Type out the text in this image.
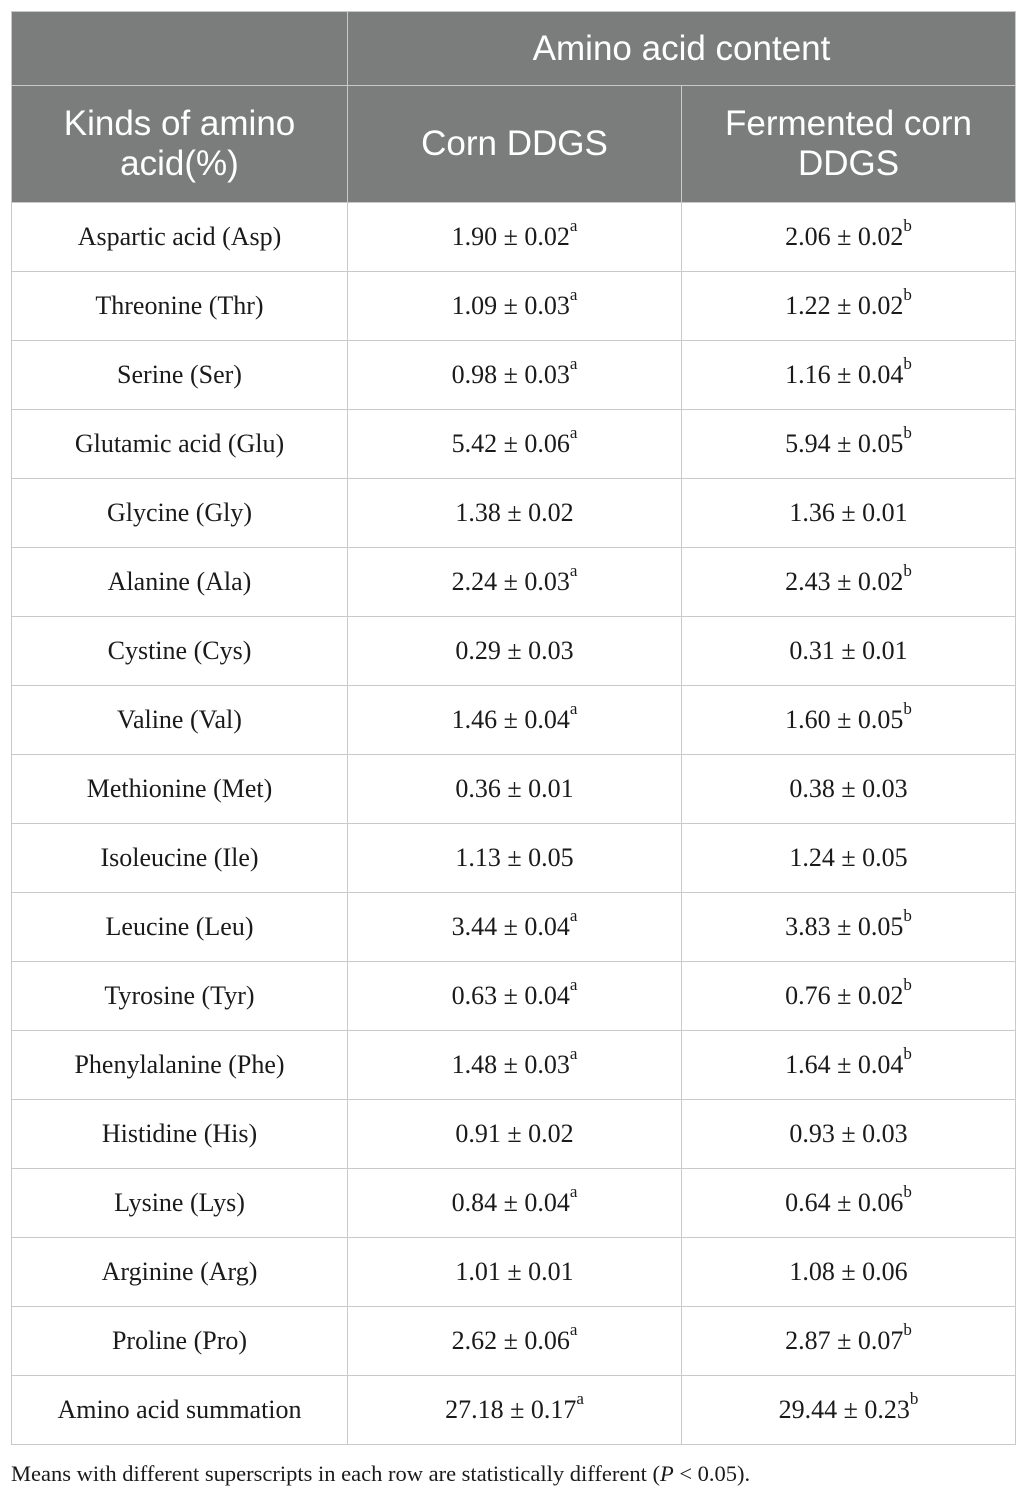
	Amino acid content	
Kinds of amino acid(%)	Corn DDGS	Fermented corn DDGS
Aspartic acid (Asp)	1.90 ± 0.02$^a$	2.06 ± 0.02$^b$
Threonine (Thr)	1.09 ± 0.03$^a$	1.22 ± 0.02$^b$
Serine (Ser)	0.98 ± 0.03$^a$	1.16 ± 0.04$^b$
Glutamic acid (Glu)	5.42 ± 0.06$^a$	5.94 ± 0.05$^b$
Glycine (Gly)	1.38 ± 0.02	1.36 ± 0.01
Alanine (Ala)	2.24 ± 0.03$^a$	2.43 ± 0.02$^b$
Cystine (Cys)	0.29 ± 0.03	0.31 ± 0.01
Valine (Val)	1.46 ± 0.04$^a$	1.60 ± 0.05$^b$
Methionine (Met)	0.36 ± 0.01	0.38 ± 0.03
Isoleucine (Ile)	1.13 ± 0.05	1.24 ± 0.05
Leucine (Leu)	3.44 ± 0.04$^a$	3.83 ± 0.05$^b$
Tyrosine (Tyr)	0.63 ± 0.04$^a$	0.76 ± 0.02$^b$
Phenylalanine (Phe)	1.48 ± 0.03$^a$	1.64 ± 0.04$^b$
Histidine (His)	0.91 ± 0.02	0.93 ± 0.03
Lysine (Lys)	0.84 ± 0.04$^a$	0.64 ± 0.06$^b$
Arginine (Arg)	1.01 ± 0.01	1.08 ± 0.06
Proline (Pro)	2.62 ± 0.06$^a$	2.87 ± 0.07$^b$
Amino acid summation	27.18 ± 0.17$^a$	29.44 ± 0.23$^b$
Means with different superscripts in each row are statistically different (P < 0.05).
